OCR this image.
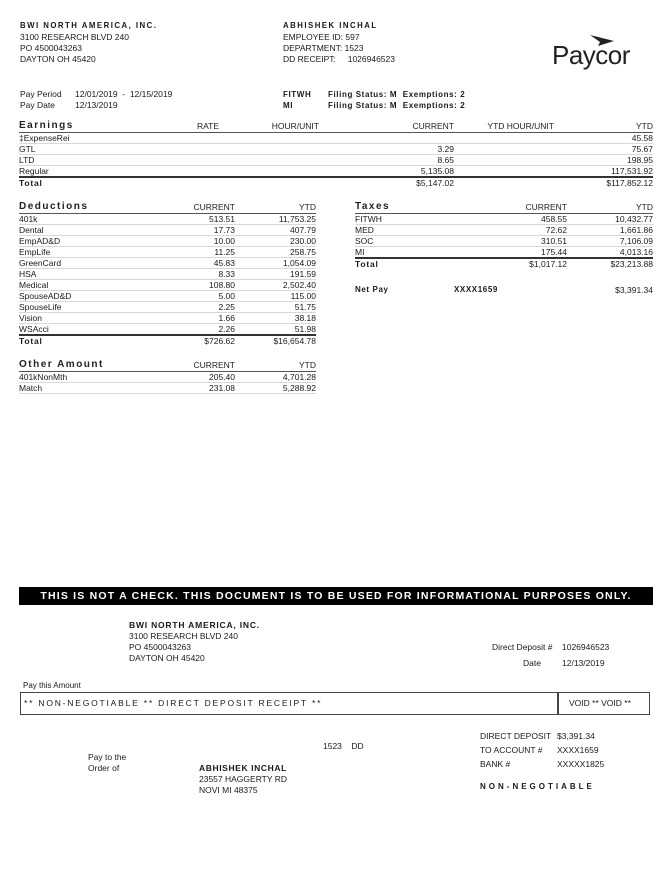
BWI NORTH AMERICA, INC.
3100 RESEARCH BLVD 240
PO 4500043263
DAYTON OH 45420
ABHISHEK INCHAL
EMPLOYEE ID: 597
DEPARTMENT: 1523
DD RECEIPT: 1026946523	Paycor
Pay Period 12/01/2019  -  12/15/2019
Pay Date 12/13/2019
FITWH Filing Status: M  Exemptions: 2
MI	Filing Status: M  Exemptions: 2
Earnings	RATE	HOUR/UNIT	CURRENT	YTD HOUR/UNIT	YTD
‡ExpenseRei					45.58
GTL			3.29		75.67
LTD			8.65		198.95
Regular			5,135.08		117,531.92
Total			$5,147.02		$117,852.12
Deductions	CURRENT	YTD
401k	513.51	11,753.25
Dental	17.73	407.79
EmpAD&D	10.00	230.00
EmpLife	11.25	258.75
GreenCard	45.83	1,054.09
HSA	8.33	191.59
Medical	108.80	2,502.40
SpouseAD&D	5.00	115.00
SpouseLife	2.25	51.75
Vision	1.66	38.18
WSAcci	2.26	51.98
Total	$726.62	$16,654.78
Taxes	CURRENT	YTD
FITWH	458.55	10,432.77
MED	72.62	1,661.86
SOC	310.51	7,106.09
MI	175.44	4,013.16
Total	$1,017.12	$23,213.88
Net Pay	XXXX1659	$3,391.34
Other Amount	CURRENT	YTD
401kNonMth	205.40	4,701.28
Match	231.08	5,288.92
THIS IS NOT A CHECK. THIS DOCUMENT IS TO BE USED FOR INFORMATIONAL PURPOSES ONLY.
BWI NORTH AMERICA, INC.
3100 RESEARCH BLVD 240
PO 4500043263
DAYTON OH 45420
Direct Deposit # 1026946523
Date 12/13/2019
Pay this Amount
** NON-NEGOTIABLE ** DIRECT DEPOSIT RECEIPT **	VOID ** VOID **
1523    DD
Pay to the
Order of	ABHISHEK INCHAL
23557 HAGGERTY RD
NOVI MI 48375
DIRECT DEPOSIT $3,391.34
TO ACCOUNT # XXXX1659
BANK #	XXXXX1825
NON-NEGOTIABLE
